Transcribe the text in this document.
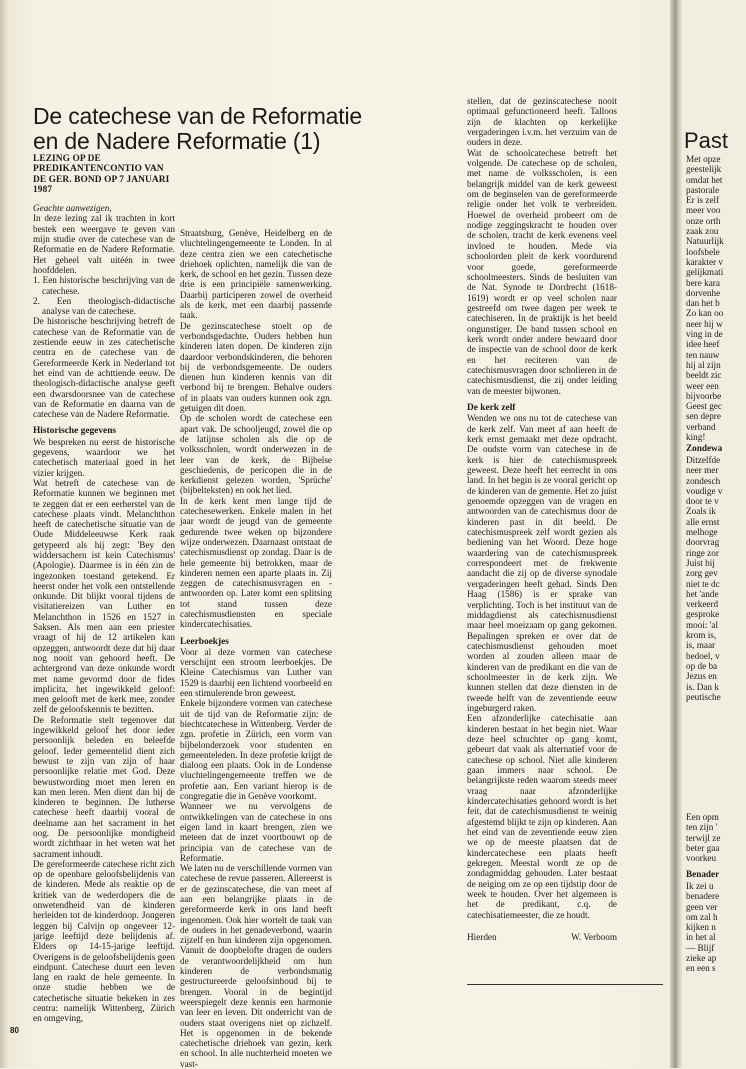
De catechese van de Reformatie
en de Nadere Reformatie (1)
LEZING OP DE PREDIKANTENCONTIO VAN DE GER. BOND OP 7 JANUARI 1987

Geachte aanwezigen,

In deze lezing zal ik trachten in kort bestek een weergave te geven van mijn studie over de catechese van de Reformatie en de Nadere Reformatie. Het geheel valt uitéén in twee hoofddelen.

1. Een historische beschrijving van de catechese.
2. Een theologisch-didactische analyse van de catechese.

De historische beschrijving betreft de catechese van de Reformatie van de zestiende eeuw in zes catechetische centra en de catechese van de Gereformeerde Kerk in Nederland tot het eind van de achttiende eeuw. De theologisch-didactische analyse geeft een dwarsdoorsnee van de catechese van de Reformatie en daarna van de catechese van de Nadere Reformatie.

Historische gegevens

We bespreken nu eerst de historische gegevens, waardoor we het catechetisch materiaal goed in het vizier krijgen.

Wat betreft de catechese van de Reformatie kunnen we beginnen met te zeggen dat er een eerherstel van de catechese plaats vindt. Melanchthon heeft de catechetische situatie van de Oude Middeleeuwse Kerk raak getypeerd als hij zegt: 'Bey den widdersachern ist kein Catechismus' (Apologie). Daarmee is in één zin de ingezonken toestand getekend. Er heerst onder het volk een ontstellende onkunde. Dit blijkt vooral tijdens de visitatiereizen van Luther en Melanchthon in 1526 en 1527 in Saksen. Als men aan een priester vraagt of hij de 12 artikelen kan opzeggen, antwoordt deze dat hij daar nog nooit van gehoord heeft. De achtergrond van deze onkunde wordt met name gevormd door de fides implicita, het ingewikkeld geloof: men gelooft met de kerk mee, zonder zelf de geloofskennis te bezitten.

De Reformatie stelt tegenover dat ingewikkeld geloof het door ieder persoonlijk beleden en beleefde geloof. Ieder gemeentelid dient zich bewust te zijn van zijn of haar persoonlijke relatie met God. Deze bewustwording moet men leren en kan men leren. Men dient dan bij de kinderen te beginnen. De lutherse catechese heeft daarbij vooral de deelname aan het sacrament in het oog. De persoonlijke mondigheid wordt zichtbaar in het weten wat het sacrament inhoudt.

De gereformeerde catechese richt zich op de openbare geloofsbelijdenis van de kinderen. Mede als reaktie op de kritiek van de wederdopers die de onwetendheid van de kinderen herleiden tot de kinderdoop. Jongeren leggen bij Calvijn op ongeveer 12-jarige leeftijd deze belijdenis af. Elders op 14-15-jarige leeftijd. Overigens is de geloofsbelijdenis geen eindpunt. Catechese duurt een leven lang en raakt de hele gemeente. In onze studie hebben we de catechetische situatie bekeken in zes centra: namelijk Wittenberg, Zürich en omgeving,

Straatsburg, Genève, Heidelberg en de vluchtelingengemeente te Londen. In al deze centra zien we een catechetische driehoek oplichten, namelijk die van de kerk, de school en het gezin. Tussen deze drie is een principiële samenwerking. Daarbij participeren zowel de overheid als de kerk, met een daarbij passende taak.

De gezinscatechese stoelt op de verbondsgedachte. Ouders hebben hun kinderen laten dopen. De kinderen zijn daardoor verbondskinderen, die behoren bij de verbondsgemeente. De ouders dienen hun kinderen kennis van dit verbond bij te brengen. Behalve ouders of in plaats van ouders kunnen ook zgn. getuigen dit doen.

Op de scholen wordt de catechese een apart vak. De schooljeugd, zowel die op de latijnse scholen als die op de volksscholen, wordt onderwezen in de leer van de kerk, de Bijbelse geschiedenis, de pericopen die in de kerkdienst gelezen worden, 'Sprüche' (bijbelteksten) en ook het lied.

In de kerk kent men lange tijd de catechesewerken. Enkele malen in het jaar wordt de jeugd van de gemeente gedurende twee weken op bijzondere wijze onderwezen. Daarnaast ontstaat de catechismusdienst op zondag. Daar is de hele gemeente bij betrokken, maar de kinderen nemen een aparte plaats in. Zij zeggen de catechismusvragen en -antwoorden op. Later komt een splitsing tot stand tussen deze catechismusdiensten en speciale kindercatechisaties.

Leerboekjes

Voor al deze vormen van catechese verschijnt een stroom leerboekjes. De Kleine Catechismus van Luther van 1529 is daarbij een lichtend voorbeeld en een stimulerende bron geweest.

Enkele bijzondere vormen van catechese uit de tijd van de Reformatie zijn: de biechtcatechese in Wittenberg. Verder de zgn. profetie in Zürich, een vorm van bijbelonderzoek voor studenten en gemeenteleden. In deze profetie krijgt de dialoog een plaats. Ook in de Londense vluchtelingengemeente treffen we de profetie aan. Een variant hierop is de congregatie die in Genève voorkomt.

Wanneer we nu vervolgens de ontwikkelingen van de catechese in ons eigen land in kaart brengen, zien we meteen dat de inzet voortbouwt op de principia van de catechese van de Reformatie.

We laten nu de verschillende vormen van catechese de revue passeren. Allereerst is er de gezinscatechese, die van meet af aan een belangrijke plaats in de gereformeerde kerk in ons land heeft ingenomen. Ook hier wortelt de taak van de ouders in het genadeverbond, waarin zijzelf en hun kinderen zijn opgenomen. Vanuit de doopbelofte dragen de ouders de verantwoordelijkheid om hun kinderen de verbondsmatig gestructureerde geloofsinhoud bij te brengen. Vooral in de begintijd weerspiegelt deze kennis een harmonie van leer en leven. Dit onderricht van de ouders staat overigens niet op zichzelf. Het is opgenomen in de bekende catechetische driehoek van gezin, kerk en school. In alle nuchterheid moeten we vast-

stellen, dat de gezinscatechese nooit optimaal gefunctioneerd heeft. Talloos zijn de klachten op kerkelijke vergaderingen i.v.m. het verzuim van de ouders in deze.

Wat de schoolcatechese betreft het volgende. De catechese op de scholen, met name de volksscholen, is een belangrijk middel van de kerk geweest om de beginselen van de gereformeerde religie onder het volk te verbreiden. Hoewel de overheid probeert om de nodige zeggingskracht te houden over de scholen, tracht de kerk evenens veel invloed te houden. Mede via schoolorden pleit de kerk voordurend voor goede, gereformeerde schoolmeesters. Sinds de besluiten van de Nat. Synode te Dordrecht (1618-1619) wordt er op veel scholen naar gestreefd om twee dagen per week te catechiseren. In de praktijk is het beeld ongunstiger. De band tussen school en kerk wordt onder andere bewaard door de inspectie van de school door de kerk en het reciteren van de catechismusvragen door scholieren in de catechismusdienst, die zij onder leiding van de meester bijwonen.

De kerk zelf

Wenden we ons nu tot de catechese van de kerk zelf. Van meet af aan heeft de kerk ernst gemaakt met deze opdracht. De oudste vorm van catechese in de kerk is hier de catechismuspreek geweest. Deze heeft het eerrecht in ons land. In het begin is ze vooral gericht op de kinderen van de gemente. Het zo juist genoemde opzeggen van de vragen en antwoorden van de catechismus door de kinderen past in dit beeld. De catechismuspreek zelf wordt gezien als bediening van het Woord. Deze hoge waardering van de catechismuspreek correspondeert met de frekwente aandacht die zij op de diverse synodale vergaderingen heeft gehad. Sinds Den Haag (1586) is er sprake van verplichting. Toch is het instituut van de middagdienst als catechismusdienst maar heel moeizaam op gang gekomen. Bepalingen spreken er over dat de catechismusdienst gehouden moet worden al zouden alleen maar de kinderen van de predikant en die van de schoolmeester in de kerk zijn. We kunnen stellen dat deze diensten in de tweede helft van de zeventiende eeuw ingeburgerd raken.

Een afzonderlijke catechisatie aan kinderen bestaat in het begin niet. Waar deze heel schuchter op gang komt, gebeurt dat vaak als alternatief voor de catechese op school. Niet alle kinderen gaan immers naar school. De belangrijkste reden waarom steeds meer vraag naar afzonderlijke kindercatechisaties gehoord wordt is het feit, dat de catechismusdienst te weinig afgestemd blijkt te zijn op kinderen. Aan het eind van de zeventiende eeuw zien we op de meeste plaatsen dat de kindercatechese een plaats heeft gekregen. Meestal wordt ze op de zondagmiddag gehouden. Later bestaat de neiging om ze op een tijdstip door de week te houden. Over het algemeen is het de predikant, c.q. de catechisatiemeester, die ze houdt.

Hierden	W. Verboom
80
Past
Met opze
geestelijk
omdat het
pastorale
Er is zelf
meer voo
onze orth
zaak zou
Natuurlijk
loofsbele
karakter v
gelijkmati
bere kara
dorvenhe
dan het b
Zo kan oo
neer hij w
ving in de
idee heef
ten nauw
hij al zijn
beeldt zic
weer een
bijvoorbe
Geest gec
sen depre
verband
king!
Zondewa
Ditzelfde
neer mer
zondesch
voudige v
door te v
Zoals ik
alle ernst
melhoge
doorvrag
ringe zor
Juist bij
zorg gev
niet te dc
het 'ande
verkeerd
gesproke
mooi: 'al
krom is,
is, maar
bedoel, v
op de ba
Jezus en
is. Dan k
peutische
Een opm
ten zijn '
terwijl ze
beter gaa
voorkeu
Benader
Ik zei u
benadere
geen ver
om zal h
kijken n
in het al
— Blijf
zieke ap
en een s
